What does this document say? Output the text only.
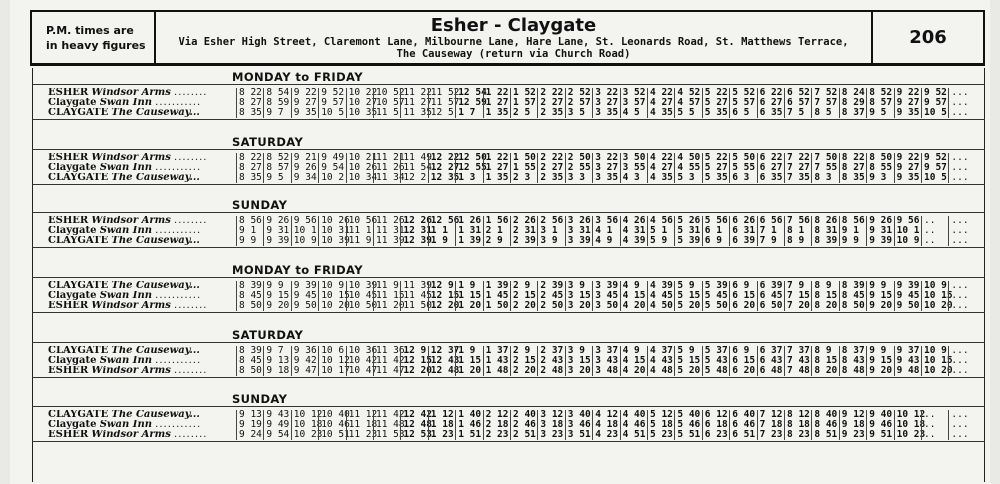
P.M. times are
in heavy figures
Esher - Claygate
Via Esher High Street, Claremont Lane, Milbourne Lane, Hare Lane, St. Leonards Road, St. Matthews Terrace,
The Causeway (return via Church Road)
206
MONDAY to FRIDAY
ESHER Windsor Arms ........
Claygate Swan Inn ...........
CLAYGATE The Causeway...
8 22
8 27
8 35
8 54
8 59
9 7
9 22
9 27
9 35
9 52
9 57
10 5
10 22
10 27
10 35
10 52
10 57
11 5
11 22
11 27
11 35
11 52
11 57
12 5
12 54
12 59
1 7
1 22
1 27
1 35
1 52
1 57
2 5
2 22
2 27
2 35
2 52
2 57
3 5
3 22
3 27
3 35
3 52
3 57
4 5
4 22
4 27
4 35
4 52
4 57
5 5
5 22
5 27
5 35
5 52
5 57
6 5
6 22
6 27
6 35
6 52
6 57
7 5
7 52
7 57
8 5
8 24
8 29
8 37
8 52
8 57
9 5
9 22
9 27
9 35
9 52
9 57
10 5
...
...
...
SATURDAY
ESHER Windsor Arms ........
Claygate Swan Inn ...........
CLAYGATE The Causeway...
8 22
8 27
8 35
8 52
8 57
9 5
9 21
9 26
9 34
9 49
9 54
10 2
10 21
10 26
10 34
11 21
11 26
11 34
11 49
11 54
12 2
12 22
12 27
12 35
12 50
12 55
1 3
1 22
1 27
1 35
1 50
1 55
2 3
2 22
2 27
2 35
2 50
2 55
3 3
3 22
3 27
3 35
3 50
3 55
4 3
4 22
4 27
4 35
4 50
4 55
5 3
5 22
5 27
5 35
5 50
5 55
6 3
6 22
6 27
6 35
7 22
7 27
7 35
7 50
7 55
8 3
8 22
8 27
8 35
8 50
8 55
9 3
9 22
9 27
9 35
9 52
9 57
10 5
...
...
...
SUNDAY
ESHER Windsor Arms ........
Claygate Swan Inn ...........
CLAYGATE The Causeway...
8 56
9 1
9 9
9 26
9 31
9 39
9 56
10 1
10 9
10 26
10 31
10 39
10 56
11 1
11 9
11 26
11 31
11 39
12 26
12 31
12 39
12 56
1 1
1 9
1 26
1 31
1 39
1 56
2 1
2 9
2 26
2 31
2 39
2 56
3 1
3 9
3 26
3 31
3 39
3 56
4 1
4 9
4 26
4 31
4 39
4 56
5 1
5 9
5 26
5 31
5 39
5 56
6 1
6 9
6 26
6 31
6 39
6 56
7 1
7 9
7 56
8 1
8 9
8 26
8 31
8 39
8 56
9 1
9 9
9 26
9 31
9 39
9 56
10 1
10 9
..
..
..
...
...
...
MONDAY to FRIDAY
CLAYGATE The Causeway...
Claygate Swan Inn ...........
ESHER Windsor Arms ........
8 39
8 45
8 50
9 9
9 15
9 20
9 39
9 45
9 50
10 9
10 15
10 20
10 39
10 45
10 50
11 9
11 15
11 20
11 39
11 45
11 50
12 9
12 15
12 20
1 9
1 15
1 20
1 39
1 45
1 50
2 9
2 15
2 20
2 39
2 45
2 50
3 9
3 15
3 20
3 39
3 45
3 50
4 9
4 15
4 20
4 39
4 45
4 50
5 9
5 15
5 20
5 39
5 45
5 50
6 9
6 15
6 20
6 39
6 45
6 50
7 9
7 15
7 20
8 9
8 15
8 20
8 39
8 45
8 50
9 9
9 15
9 20
9 39
9 45
9 50
10 9
10 15
10 20
...
...
...
SATURDAY
CLAYGATE The Causeway...
Claygate Swan Inn ...........
ESHER Windsor Arms ........
8 39
8 45
8 50
9 7
9 13
9 18
9 36
9 42
9 47
10 6
10 12
10 17
10 36
10 42
10 47
11 36
11 42
11 47
12 9
12 15
12 20
12 37
12 43
12 48
1 9
1 15
1 20
1 37
1 43
1 48
2 9
2 15
2 20
2 37
2 43
2 48
3 9
3 15
3 20
3 37
3 43
3 48
4 9
4 15
4 20
4 37
4 43
4 48
5 9
5 15
5 20
5 37
5 43
5 48
6 9
6 15
6 20
6 37
6 43
6 48
7 37
7 43
7 48
8 9
8 15
8 20
8 37
8 43
8 48
9 9
9 15
9 20
9 37
9 43
9 48
10 9
10 15
10 20
...
...
...
SUNDAY
CLAYGATE The Causeway...
Claygate Swan Inn ...........
ESHER Windsor Arms ........
9 13
9 19
9 24
9 43
9 49
9 54
10 12
10 18
10 23
10 40
10 46
10 51
11 12
11 18
11 23
11 42
11 48
11 53
12 42
12 48
12 53
1 12
1 18
1 23
1 40
1 46
1 51
2 12
2 18
2 23
2 40
2 46
2 51
3 12
3 18
3 23
3 40
3 46
3 51
4 12
4 18
4 23
4 40
4 46
4 51
5 12
5 18
5 23
5 40
5 46
5 51
6 12
6 18
6 23
6 40
6 46
6 51
7 12
7 18
7 23
8 12
8 18
8 23
8 40
8 46
8 51
9 12
9 18
9 23
9 40
9 46
9 51
10 12
10 18
10 23
..
..
..
...
...
...
